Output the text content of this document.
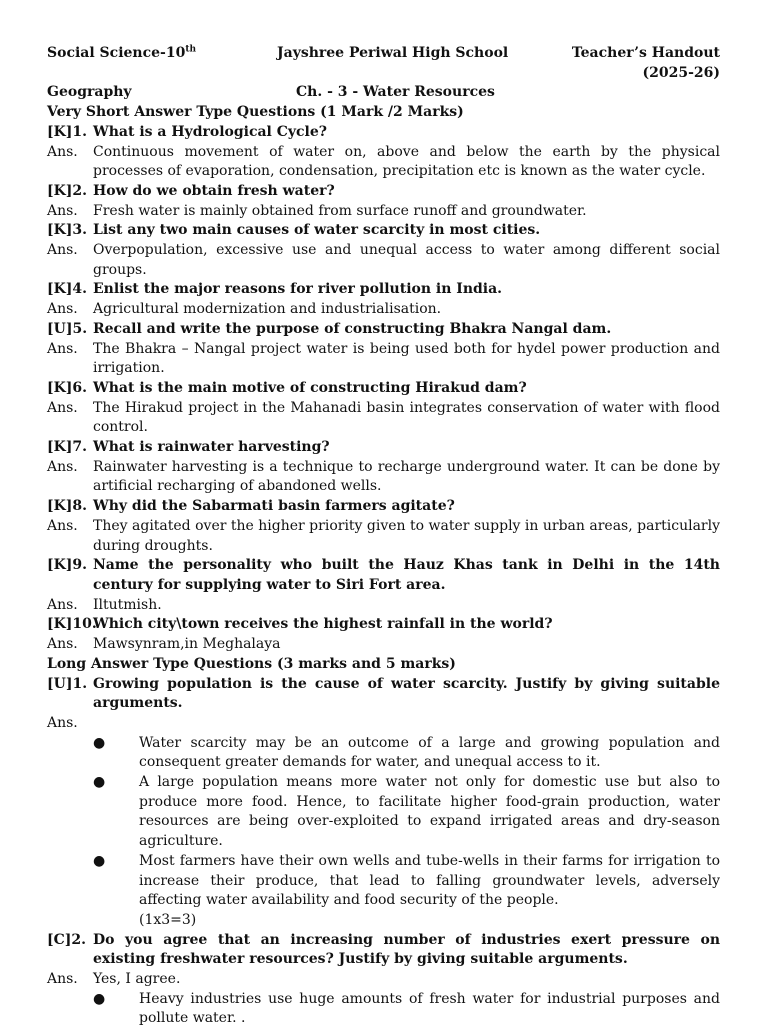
Social Science-10th	Jayshree Periwal High School	Teacher’s Handout (2025-26)
Geography	Ch. - 3 - Water Resources
Very Short Answer Type Questions (1 Mark /2 Marks)
[K]1. What is a Hydrological Cycle?
Ans.	Continuous movement of water on, above and below the earth by the physical processes of evaporation, condensation, precipitation etc is known as the water cycle.
[K]2. How do we obtain fresh water?
Ans.	Fresh water is mainly obtained from surface runoff and groundwater.
[K]3. List any two main causes of water scarcity in most cities.
Ans.	Overpopulation, excessive use and unequal access to water among different social groups.
[K]4. Enlist the major reasons for river pollution in India.
Ans.	Agricultural modernization and industrialisation.
[U]5. Recall and write the purpose of constructing Bhakra Nangal dam.
Ans.	The Bhakra – Nangal project water is being used both for hydel power production and irrigation.
[K]6. What is the main motive of constructing Hirakud dam?
Ans.	The Hirakud project in the Mahanadi basin integrates conservation of water with flood control.
[K]7. What is rainwater harvesting?
Ans.	Rainwater harvesting is a technique to recharge underground water. It can be done by artificial recharging of abandoned wells.
[K]8. Why did the Sabarmati basin farmers agitate?
Ans.	They agitated over the higher priority given to water supply in urban areas, particularly during droughts.
[K]9. Name the personality who built the Hauz Khas tank in Delhi in the 14th century for supplying water to Siri Fort area.
Ans.	Iltutmish.
[K]10.
Which city\town receives the highest rainfall in the world?
Ans.	Mawsynram,in Meghalaya
Long Answer Type Questions (3 marks and 5 marks)
[U]1. Growing population is the cause of water scarcity. Justify by giving suitable arguments.
Ans.
●	Water scarcity may be an outcome of a large and growing population and consequent greater demands for water, and unequal access to it.
●	A large population means more water not only for domestic use but also to produce more food. Hence, to facilitate higher food-grain production, water resources are being over-exploited to expand irrigated areas and dry-season agriculture.
●	Most farmers have their own wells and tube-wells in their farms for irrigation to increase their produce, that lead to falling groundwater levels, adversely affecting water availability and food security of the people.
(1x3=3)
[C]2. Do you agree that an increasing number of industries exert pressure on existing freshwater resources? Justify by giving suitable arguments.
Ans.	Yes, I agree.
●	Heavy industries use huge amounts of fresh water for industrial purposes and pollute water. .
